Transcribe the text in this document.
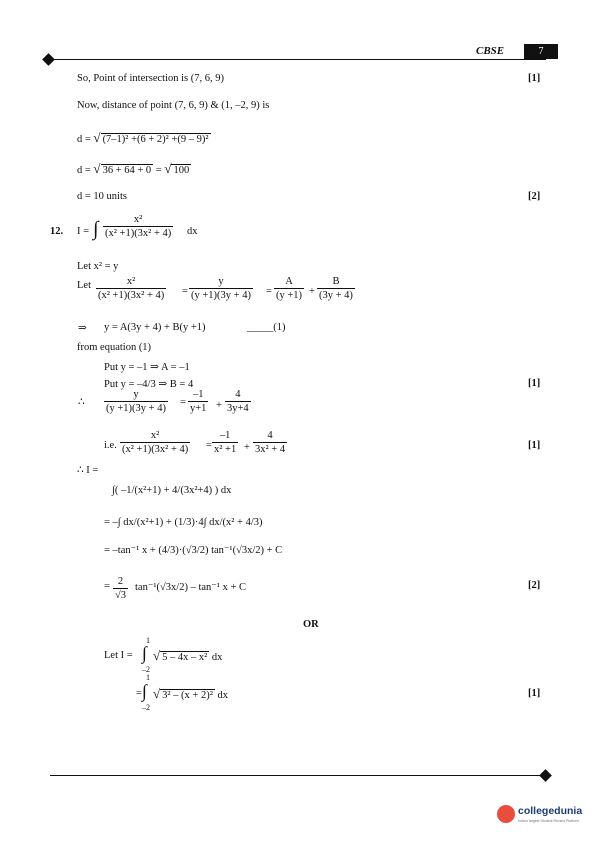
CBSE	7
So, Point of intersection is (7, 6, 9)	[1]
Now, distance of point (7, 6, 9) & (1, –2, 9) is
d = √ (7–1)² +(6 + 2)² +(9 – 9)²
d = √ 36 + 64 + 0 = √ 100
d = 10 units	[2]
12. I = ∫ $\frac{\text{x²}}{\text{(x² +1)(3x² + 4)}}$ dx
Let x² = y
Let $\frac{\text{x²}}{\text{(x² +1)(3x² + 4)}} = \frac{y}{(y +1)(3y + 4)} = \frac{A}{(y +1)} + \frac{B}{(3y + 4)}$
⇒ y = A(3y + 4) + B(y +1)	_____(1)
from equation (1)
Put y = –1 ⇒ A = –1
Put y = –4/3 ⇒ B = 4	[1]
∴ $\frac{y}{(y +1)(3y + 4)} = \frac{-1}{y+1} + \frac{4}{3y+4}$
i.e. $\frac{\text{x²}}{\text{(x² +1)(3x² + 4)}} = \frac{-1}{\text{x² +1}} + \frac{4}{\text{3x² + 4}}$	[1]
∴ I =
∫( –1/(x²+1) + 4/(3x²+4) ) dx
= –∫ dx/(x²+1) + (1/3)·4∫ dx/(x² + 4/3)
= –tan⁻¹ x + (4/3)·(√3/2) tan⁻¹(√3x/2) + C
= $\frac{2}{√3} \tan^{-1}(√3x/2) - \tan^{-1}$ x + C	[2]
OR
Let I =
1
∫
–2
√ 5 – 4x – x² dx
=
1
∫
–2
√ 3² – (x + 2)² dx	[1]
collegedunia
India's largest Student Review Platform
